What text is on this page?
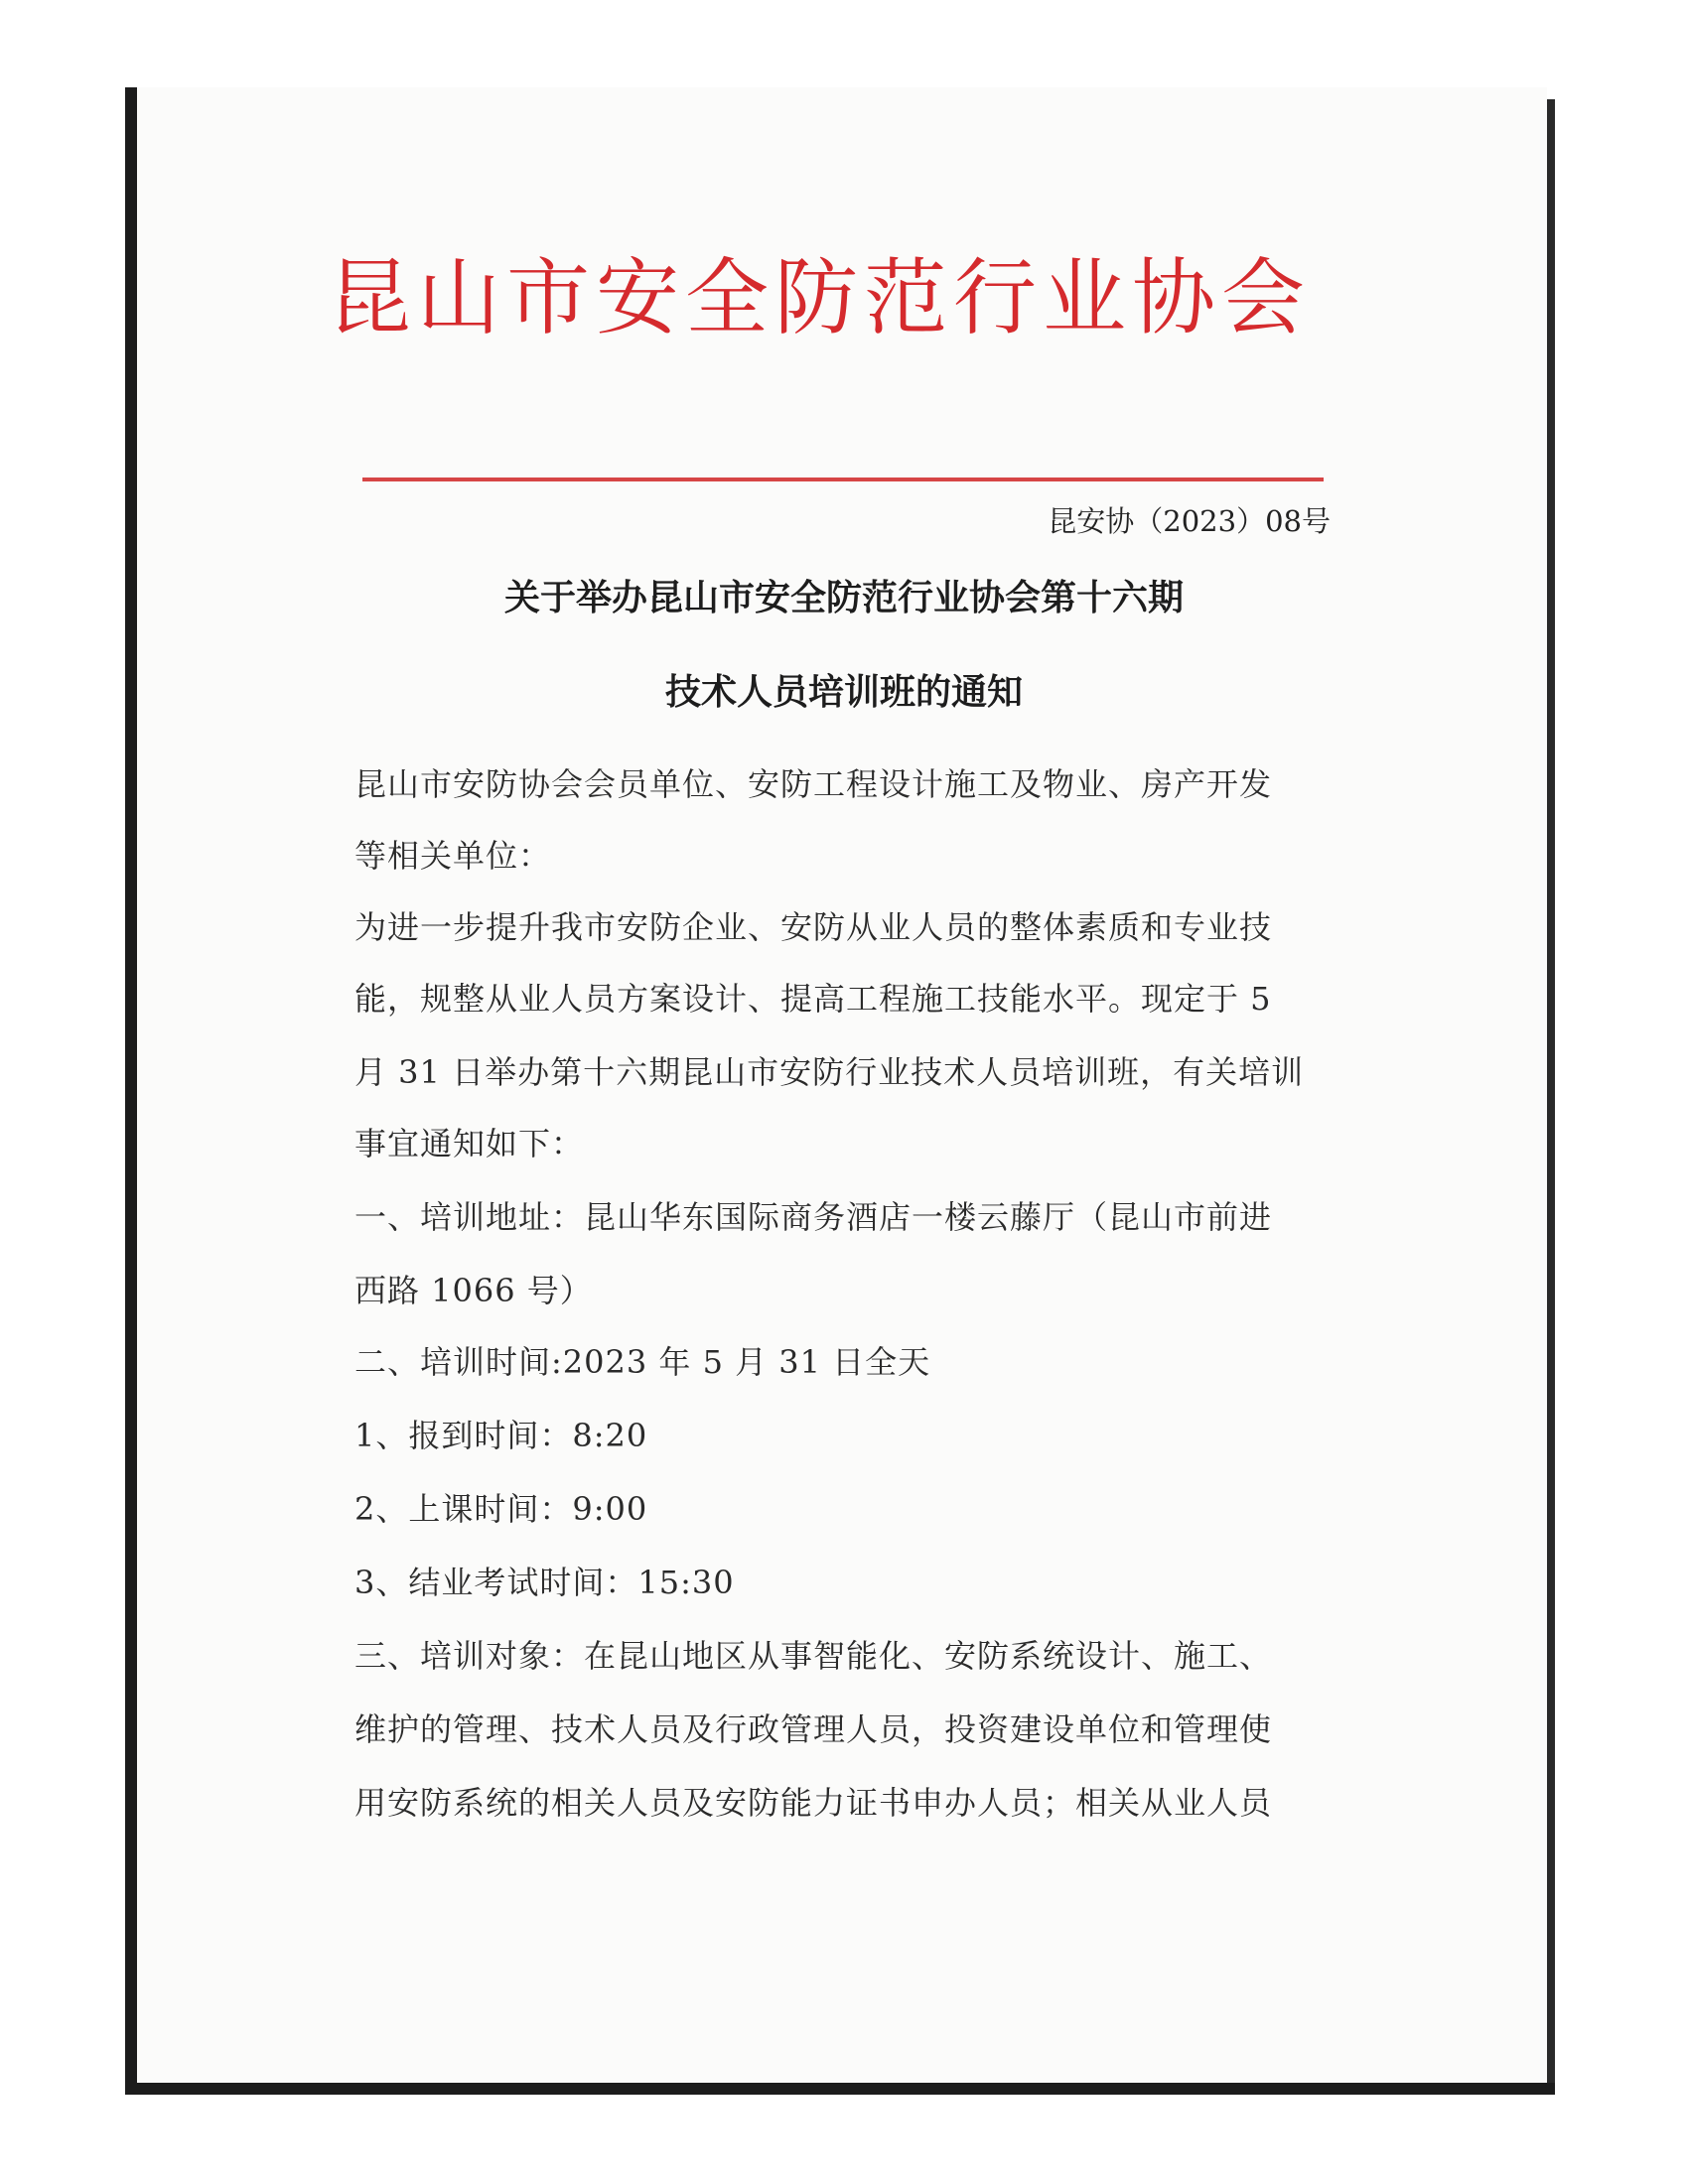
昆山市安全防范行业协会
昆安协（2023）08号
关于举办昆山市安全防范行业协会第十六期
技术人员培训班的通知
昆山市安防协会会员单位、安防工程设计施工及物业、房产开发
等相关单位：
为进一步提升我市安防企业、安防从业人员的整体素质和专业技
能，规整从业人员方案设计、提高工程施工技能水平。现定于 5
月 31 日举办第十六期昆山市安防行业技术人员培训班，有关培训
事宜通知如下：
一、培训地址：昆山华东国际商务酒店一楼云藤厅（昆山市前进
西路 1066 号）
二、培训时间:2023 年 5 月 31 日全天
1、报到时间：8:20
2、上课时间：9:00
3、结业考试时间：15:30
三、培训对象：在昆山地区从事智能化、安防系统设计、施工、
维护的管理、技术人员及行政管理人员，投资建设单位和管理使
用安防系统的相关人员及安防能力证书申办人员；相关从业人员
